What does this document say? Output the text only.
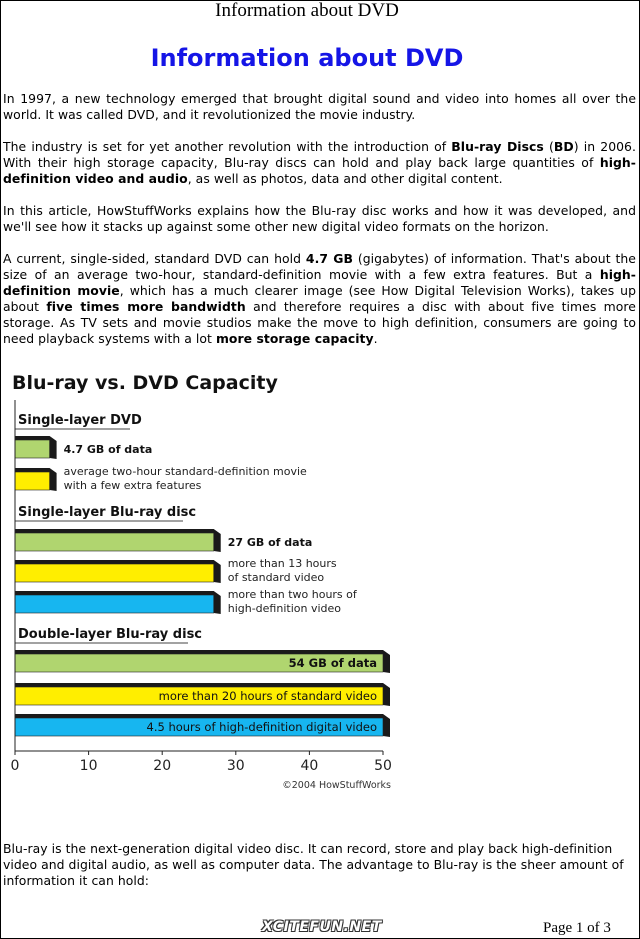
Information about DVD
Information about DVD

In 1997, a new technology emerged that brought digital sound and video into homes all over the world. It was called DVD, and it revolutionized the movie industry.

The industry is set for yet another revolution with the introduction of Blu-ray Discs (BD) in 2006. With their high storage capacity, Blu-ray discs can hold and play back large quantities of high-definition video and audio, as well as photos, data and other digital content.

In this article, HowStuffWorks explains how the Blu-ray disc works and how it was developed, and we'll see how it stacks up against some other new digital video formats on the horizon.

A current, single-sided, standard DVD can hold 4.7 GB (gigabytes) of information. That's about the size of an average two-hour, standard-definition movie with a few extra features. But a high-definition movie, which has a much clearer image (see How Digital Television Works), takes up about five times more bandwidth and therefore requires a disc with about five times more storage. As TV sets and movie studios make the move to high definition, consumers are going to need playback systems with a lot more storage capacity.

Blu-ray vs. DVD Capacity
Single-layer DVD
4.7 GB of data
average two-hour standard-definition movie
with a few extra features
Single-layer Blu-ray disc
27 GB of data
more than 13 hours
of standard video
more than two hours of
high-definition video
Double-layer Blu-ray disc
54 GB of data
more than 20 hours of standard video
4.5 hours of high-definition digital video
0	10	20	30	40	50
©2004 HowStuffWorks

Blu-ray is the next-generation digital video disc. It can record, store and play back high-definition video and digital audio, as well as computer data. The advantage to Blu-ray is the sheer amount of information it can hold:

XCITEFUN.NET	Page 1 of 3
